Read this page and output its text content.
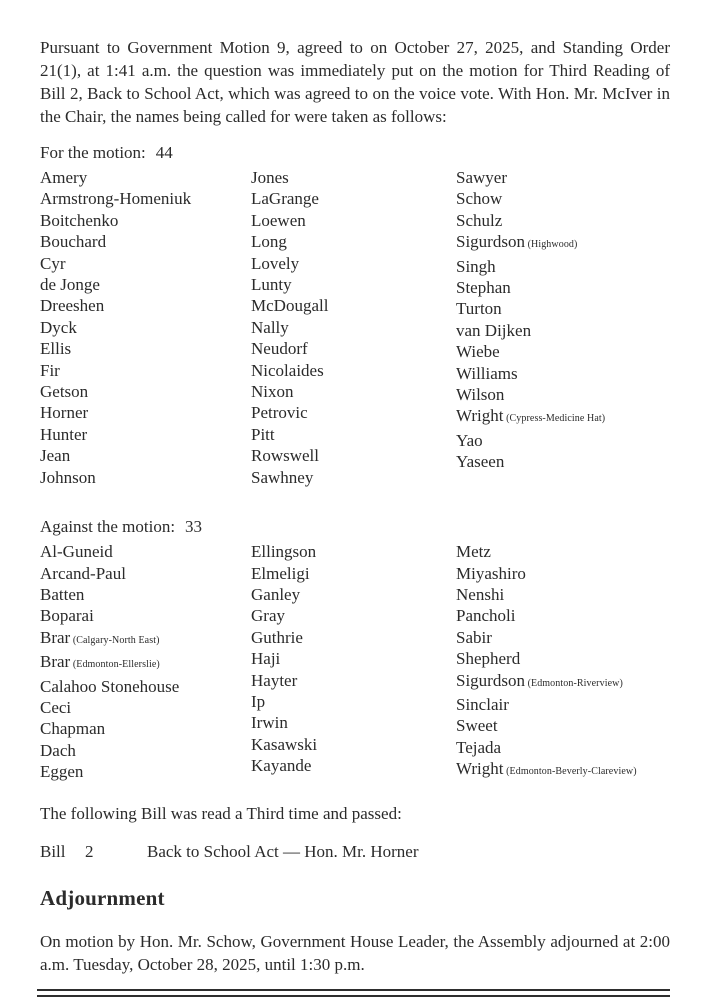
Pursuant to Government Motion 9, agreed to on October 27, 2025, and Standing Order 21(1), at 1:41 a.m. the question was immediately put on the motion for Third Reading of Bill 2, Back to School Act, which was agreed to on the voice vote. With Hon. Mr. McIver in the Chair, the names being called for were taken as follows:

For the motion: 44
Amery
Armstrong-Homeniuk
Boitchenko
Bouchard
Cyr
de Jonge
Dreeshen
Dyck
Ellis
Fir
Getson
Horner
Hunter
Jean
Johnson
Jones
LaGrange
Loewen
Long
Lovely
Lunty
McDougall
Nally
Neudorf
Nicolaides
Nixon
Petrovic
Pitt
Rowswell
Sawhney
Sawyer
Schow
Schulz
Sigurdson (Highwood)
Singh
Stephan
Turton
van Dijken
Wiebe
Williams
Wilson
Wright (Cypress-Medicine Hat)
Yao
Yaseen
Against the motion: 33
Al-Guneid
Arcand-Paul
Batten
Boparai
Brar (Calgary-North East)
Brar (Edmonton-Ellerslie)
Calahoo Stonehouse
Ceci
Chapman
Dach
Eggen
Ellingson
Elmeligi
Ganley
Gray
Guthrie
Haji
Hayter
Ip
Irwin
Kasawski
Kayande
Metz
Miyashiro
Nenshi
Pancholi
Sabir
Shepherd
Sigurdson (Edmonton-Riverview)
Sinclair
Sweet
Tejada
Wright (Edmonton-Beverly-Clareview)

The following Bill was read a Third time and passed:

Bill 2	Back to School Act — Hon. Mr. Horner
Adjournment

On motion by Hon. Mr. Schow, Government House Leader, the Assembly adjourned at 2:00 a.m. Tuesday, October 28, 2025, until 1:30 p.m.
